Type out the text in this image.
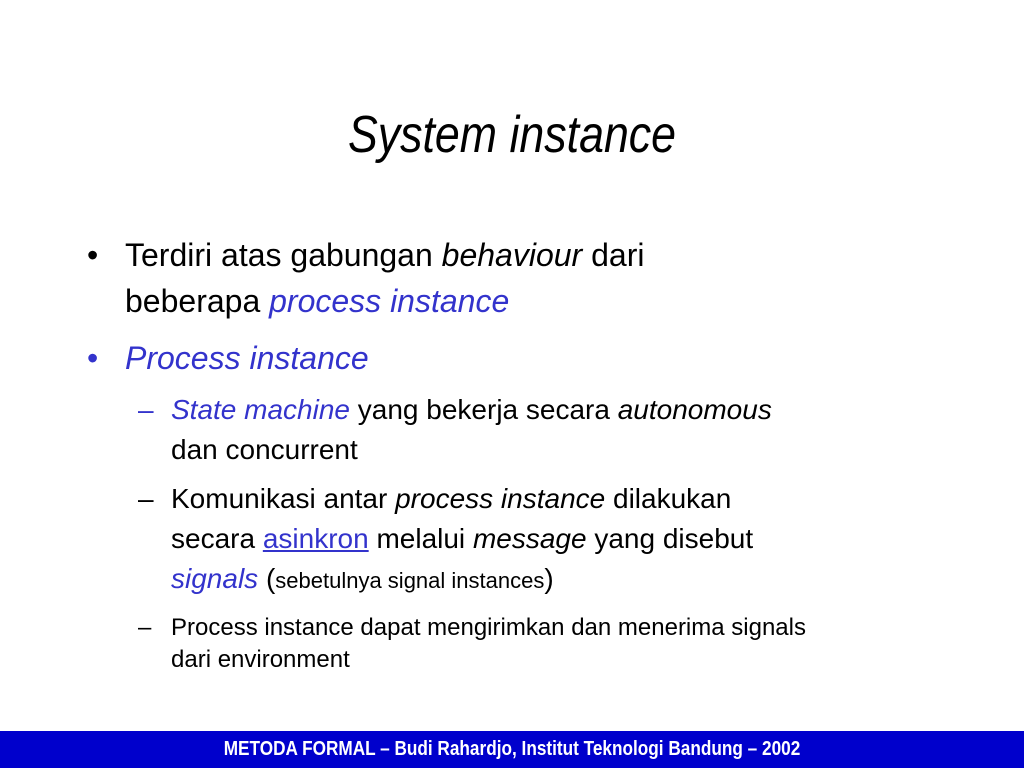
System instance
• Terdiri atas gabungan behaviour dari
beberapa process instance
• Process instance
– State machine yang bekerja secara autonomous
dan concurrent
– Komunikasi antar process instance dilakukan
secara asinkron melalui message yang disebut
signals (sebetulnya signal instances)
– Process instance dapat mengirimkan dan menerima signals
dari environment
METODA FORMAL – Budi Rahardjo, Institut Teknologi Bandung – 2002
